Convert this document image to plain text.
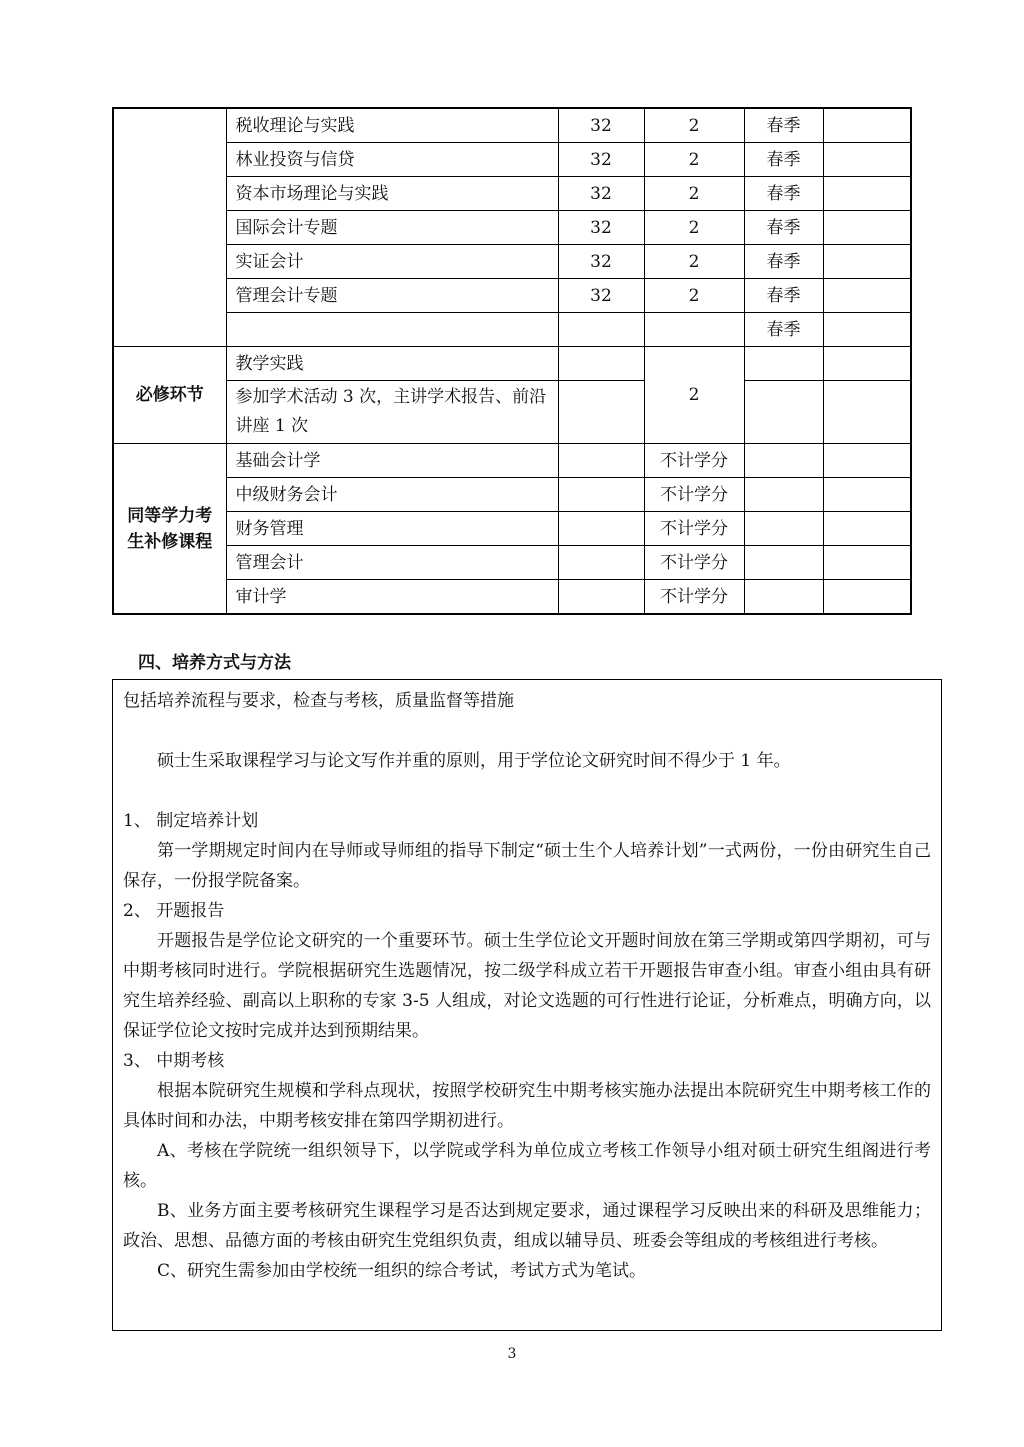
	税收理论与实践	32	2	春季	
	林业投资与信贷	32	2	春季	
	资本市场理论与实践	32	2	春季	
	国际会计专题	32	2	春季	
	实证会计	32	2	春季	
	管理会计专题	32	2	春季	
				春季	
必修环节	教学实践		2		
	参加学术活动 3 次，主讲学术报告、前沿讲座 1 次				
同等学力考生补修课程	基础会计学		不计学分		
	中级财务会计		不计学分		
	财务管理		不计学分		
	管理会计		不计学分		
	审计学		不计学分		
四、培养方式与方法

包括培养流程与要求，检查与考核，质量监督等措施

硕士生采取课程学习与论文写作并重的原则，用于学位论文研究时间不得少于 1 年。

1、 制定培养计划

第一学期规定时间内在导师或导师组的指导下制定“硕士生个人培养计划”一式两份，一份由研究生自己保存，一份报学院备案。

2、 开题报告

开题报告是学位论文研究的一个重要环节。硕士生学位论文开题时间放在第三学期或第四学期初，可与中期考核同时进行。学院根据研究生选题情况，按二级学科成立若干开题报告审查小组。审查小组由具有研究生培养经验、副高以上职称的专家 3-5 人组成，对论文选题的可行性进行论证，分析难点，明确方向，以保证学位论文按时完成并达到预期结果。

3、 中期考核

根据本院研究生规模和学科点现状，按照学校研究生中期考核实施办法提出本院研究生中期考核工作的具体时间和办法，中期考核安排在第四学期初进行。

A、考核在学院统一组织领导下，以学院或学科为单位成立考核工作领导小组对硕士研究生组阁进行考核。

B、业务方面主要考核研究生课程学习是否达到规定要求，通过课程学习反映出来的科研及思维能力；政治、思想、品德方面的考核由研究生党组织负责，组成以辅导员、班委会等组成的考核组进行考核。

C、研究生需参加由学校统一组织的综合考试，考试方式为笔试。

3
